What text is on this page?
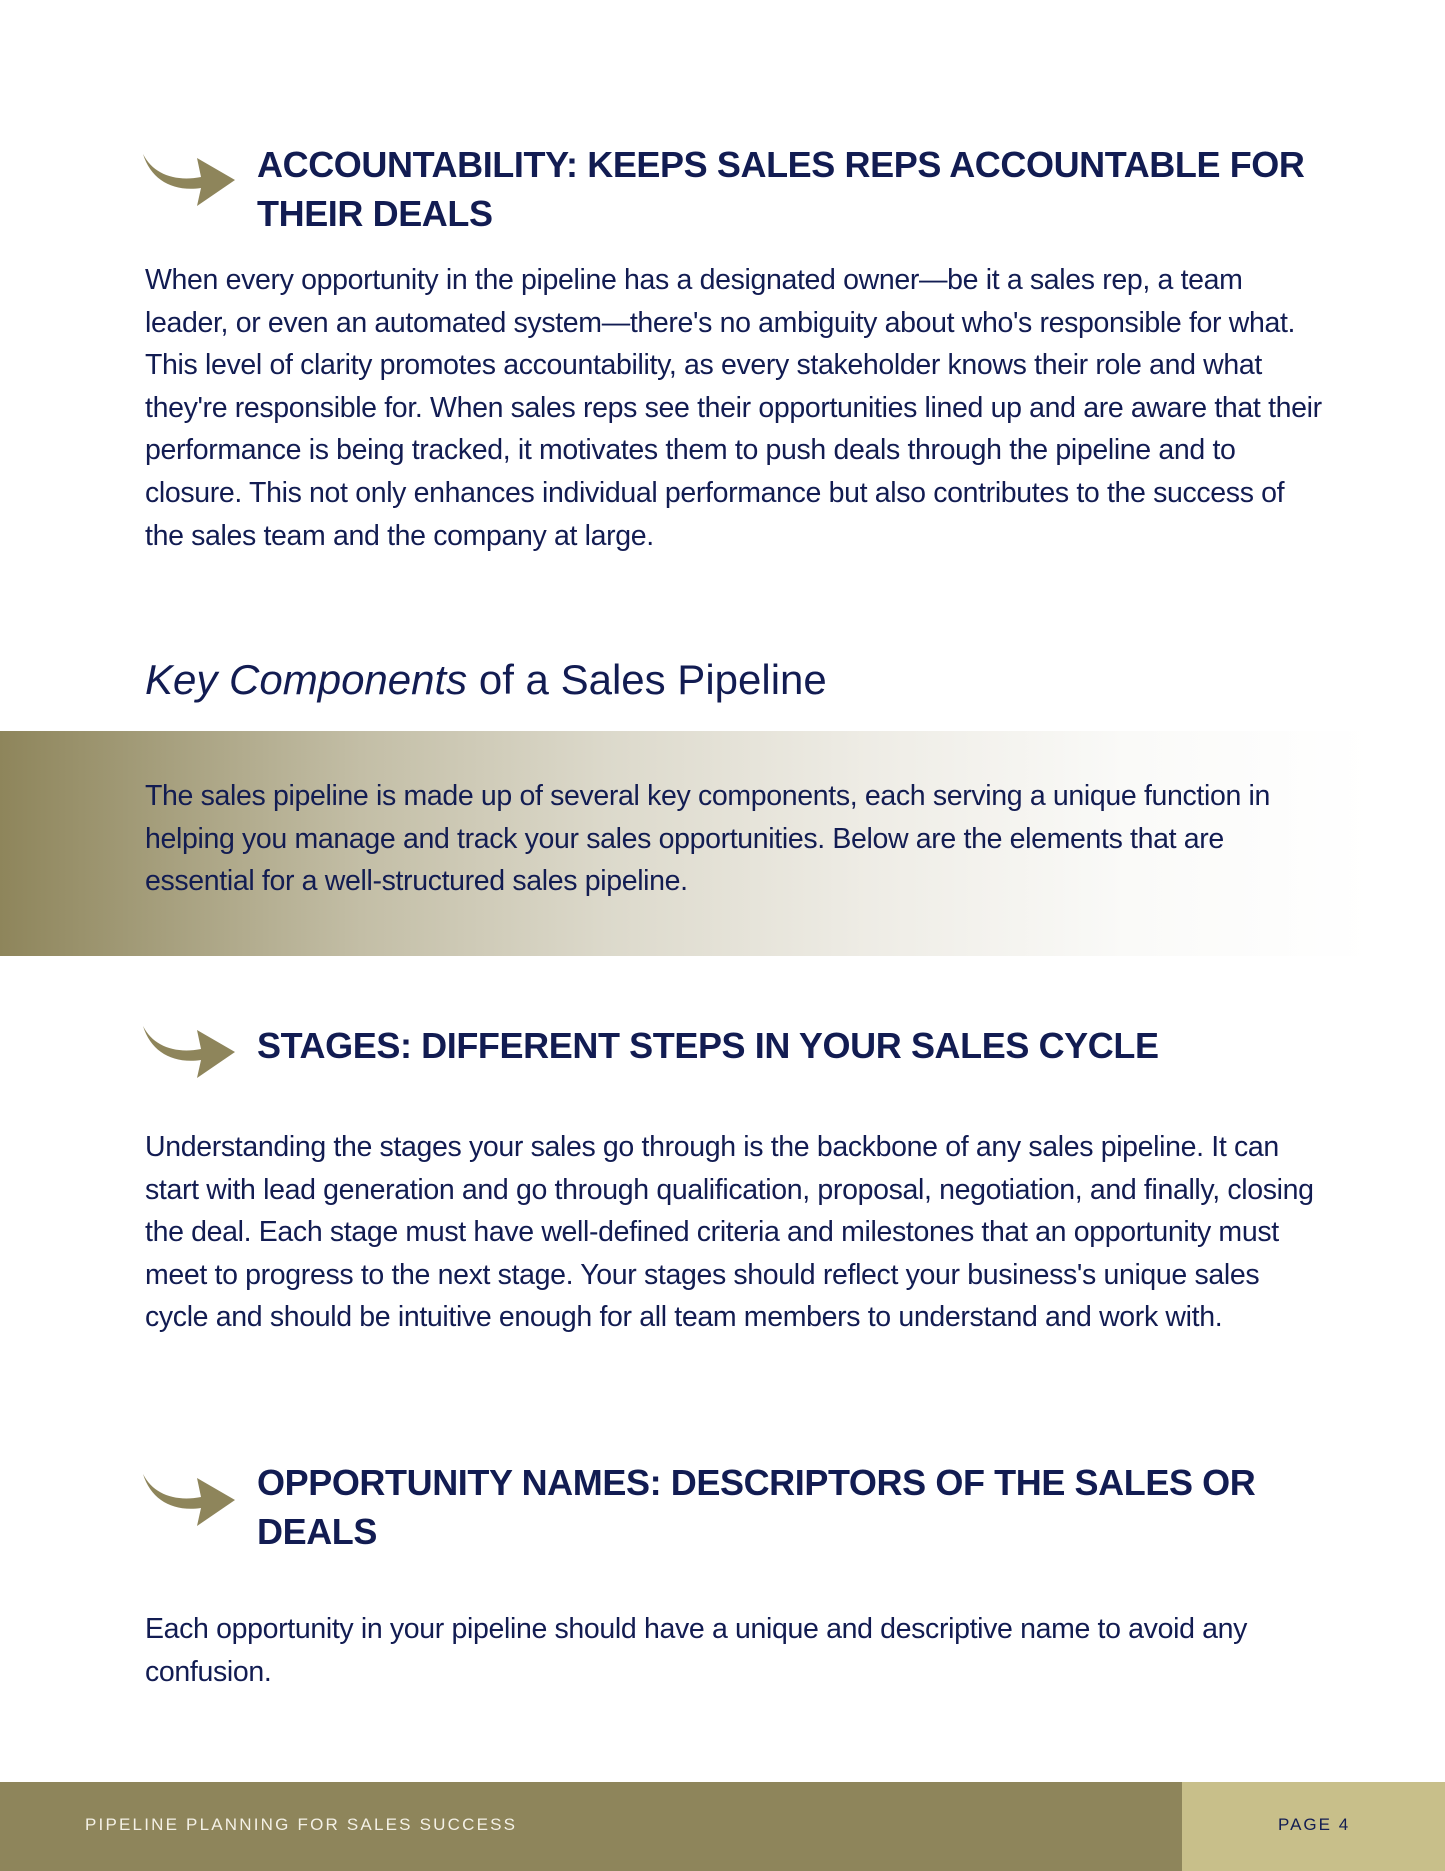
ACCOUNTABILITY: KEEPS SALES REPS ACCOUNTABLE FOR THEIR DEALS

When every opportunity in the pipeline has a designated owner—be it a sales rep, a team leader, or even an automated system—there's no ambiguity about who's responsible for what. This level of clarity promotes accountability, as every stakeholder knows their role and what they're responsible for. When sales reps see their opportunities lined up and are aware that their performance is being tracked, it motivates them to push deals through the pipeline and to closure. This not only enhances individual performance but also contributes to the success of the sales team and the company at large.

Key Components of a Sales Pipeline

The sales pipeline is made up of several key components, each serving a unique function in helping you manage and track your sales opportunities. Below are the elements that are essential for a well-structured sales pipeline.

STAGES: DIFFERENT STEPS IN YOUR SALES CYCLE

Understanding the stages your sales go through is the backbone of any sales pipeline. It can start with lead generation and go through qualification, proposal, negotiation, and finally, closing the deal. Each stage must have well-defined criteria and milestones that an opportunity must meet to progress to the next stage. Your stages should reflect your business's unique sales cycle and should be intuitive enough for all team members to understand and work with.

OPPORTUNITY NAMES: DESCRIPTORS OF THE SALES OR DEALS

Each opportunity in your pipeline should have a unique and descriptive name to avoid any confusion.

PIPELINE PLANNING FOR SALES SUCCESS	PAGE 4
